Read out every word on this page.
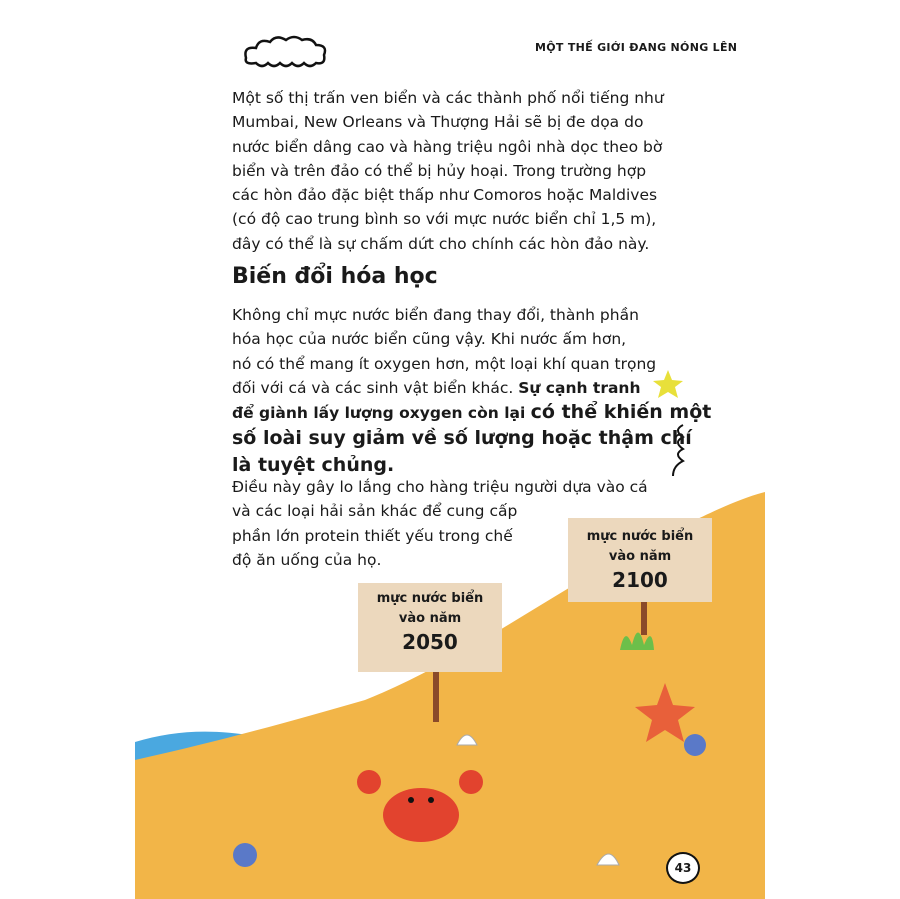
MỘT THẾ GIỚI ĐANG NÓNG LÊN
Một số thị trấn ven biển và các thành phố nổi tiếng như
Mumbai, New Orleans và Thượng Hải sẽ bị đe dọa do
nước biển dâng cao và hàng triệu ngôi nhà dọc theo bờ
biển và trên đảo có thể bị hủy hoại. Trong trường hợp
các hòn đảo đặc biệt thấp như Comoros hoặc Maldives
(có độ cao trung bình so với mực nước biển chỉ 1,5 m),
đây có thể là sự chấm dứt cho chính các hòn đảo này.
Biến đổi hóa học
Không chỉ mực nước biển đang thay đổi, thành phần
hóa học của nước biển cũng vậy. Khi nước ấm hơn,
nó có thể mang ít oxygen hơn, một loại khí quan trọng
đối với cá và các sinh vật biển khác. Sự cạnh tranh
để giành lấy lượng oxygen còn lại có thể khiến một
số loài suy giảm về số lượng hoặc thậm chí
là tuyệt chủng.
Điều này gây lo lắng cho hàng triệu người dựa vào cá
và các loại hải sản khác để cung cấp
phần lớn protein thiết yếu trong chế
độ ăn uống của họ.
mực nước biển
vào năm
2050
mực nước biển
vào năm
2100
43
